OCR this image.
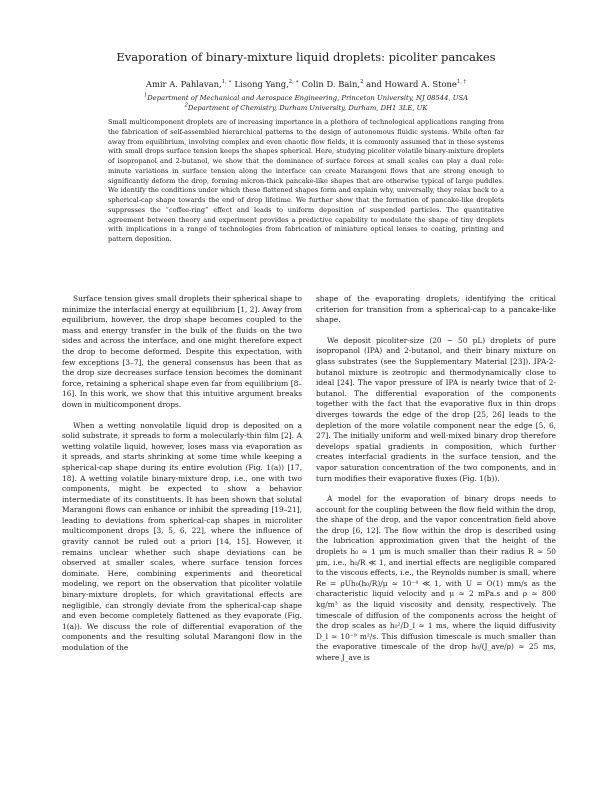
Evaporation of binary-mixture liquid droplets: picoliter pancakes
Amir A. Pahlavan,$^{1, ∗}$ Lisong Yang,$^{2, ∗}$ Colin D. Bain,$^2$ and Howard A. Stone$^{1, \dagger}$
$^1$Department of Mechanical and Aerospace Engineering, Princeton University, NJ 08544, USA
$^2$Department of Chemistry, Durham University, Durham, DH1 3LE, UK

Small multicomponent droplets are of increasing importance in a plethora of technological applications ranging from the fabrication of self-assembled hierarchical patterns to the design of autonomous fluidic systems. While often far away from equilibrium, involving complex and even chaotic flow fields, it is commonly assumed that in these systems with small drops surface tension keeps the shapes spherical. Here, studying picoliter volatile binary-mixture droplets of isopropanol and 2-butanol, we show that the dominance of surface forces at small scales can play a dual role: minute variations in surface tension along the interface can create Marangoni flows that are strong enough to significantly deform the drop, forming micron-thick pancake-like shapes that are otherwise typical of large puddles. We identify the conditions under which these flattened shapes form and explain why, universally, they relax back to a spherical-cap shape towards the end of drop lifetime. We further show that the formation of pancake-like droplets suppresses the “coffee-ring” effect and leads to uniform deposition of suspended particles. The quantitative agreement between theory and experiment provides a predictive capability to modulate the shape of tiny droplets with implications in a range of technologies from fabrication of miniature optical lenses to coating, printing and pattern deposition.

Surface tension gives small droplets their spherical shape to minimize the interfacial energy at equilibrium [1, 2]. Away from equilibrium, however, the drop shape becomes coupled to the mass and energy transfer in the bulk of the fluids on the two sides and across the interface, and one might therefore expect the drop to become deformed. Despite this expectation, with few exceptions [3–7], the general consensus has been that as the drop size decreases surface tension becomes the dominant force, retaining a spherical shape even far from equilibrium [8–16]. In this work, we show that this intuitive argument breaks down in multicomponent drops.

When a wetting nonvolatile liquid drop is deposited on a solid substrate, it spreads to form a molecularly-thin film [2]. A wetting volatile liquid, however, loses mass via evaporation as it spreads, and starts shrinking at some time while keeping a spherical-cap shape during its entire evolution (Fig. 1(a)) [17, 18]. A wetting volatile binary-mixture drop, i.e., one with two components, might be expected to show a behavior intermediate of its constituents. It has been shown that solutal Marangoni flows can enhance or inhibit the spreading [19–21], leading to deviations from spherical-cap shapes in microliter multicomponent drops [3, 5, 6, 22], where the influence of gravity cannot be ruled out a priori [14, 15]. However, it remains unclear whether such shape deviations can be observed at smaller scales, where surface tension forces dominate. Here, combining experiments and theoretical modeling, we report on the observation that picoliter volatile binary-mixture droplets, for which gravitational effects are negligible, can strongly deviate from the spherical-cap shape and even become completely flattened as they evaporate (Fig. 1(a)). We discuss the role of differential evaporation of the components and the resulting solutal Marangoni flow in the modulation of the

shape of the evaporating droplets, identifying the critical criterion for transition from a spherical-cap to a pancake-like shape.

We deposit picoliter-size (20 − 50 pL) droplets of pure isopropanol (IPA) and 2-butanol, and their binary mixture on glass substrates (see the Supplementary Material [23]). IPA-2-butanol mixture is zeotropic and thermodynamically close to ideal [24]. The vapor pressure of IPA is nearly twice that of 2-butanol. The differential evaporation of the components together with the fact that the evaporative flux in thin drops diverges towards the edge of the drop [25, 26] leads to the depletion of the more volatile component near the edge [5, 6, 27]. The initially uniform and well-mixed binary drop therefore develops spatial gradients in composition, which further creates interfacial gradients in the surface tension, and the vapor saturation concentration of the two components, and in turn modifies their evaporative fluxes (Fig. 1(b)).

A model for the evaporation of binary drops needs to account for the coupling between the flow field within the drop, the shape of the drop, and the vapor concentration field above the drop [6, 12]. The flow within the drop is described using the lubrication approximation given that the height of the droplets h₀ ≈ 1 μm is much smaller than their radius R ≈ 50 μm, i.e., h₀/R ≪ 1, and inertial effects are negligible compared to the viscous effects, i.e., the Reynolds number is small, where Re = ρUh₀(h₀/R)/μ ≈ 10⁻⁴ ≪ 1, with U = O(1) mm/s as the characteristic liquid velocity and μ ≈ 2 mPa.s and ρ ≈ 800 kg/m³ as the liquid viscosity and density, respectively. The timescale of diffusion of the components across the height of the drop scales as h₀²/D_l ≈ 1 ms, where the liquid diffusivity D_l ≈ 10⁻⁹ m²/s. This diffusion timescale is much smaller than the evaporative timescale of the drop h₀/(J_ave/ρ) ≈ 25 ms, where J_ave is
